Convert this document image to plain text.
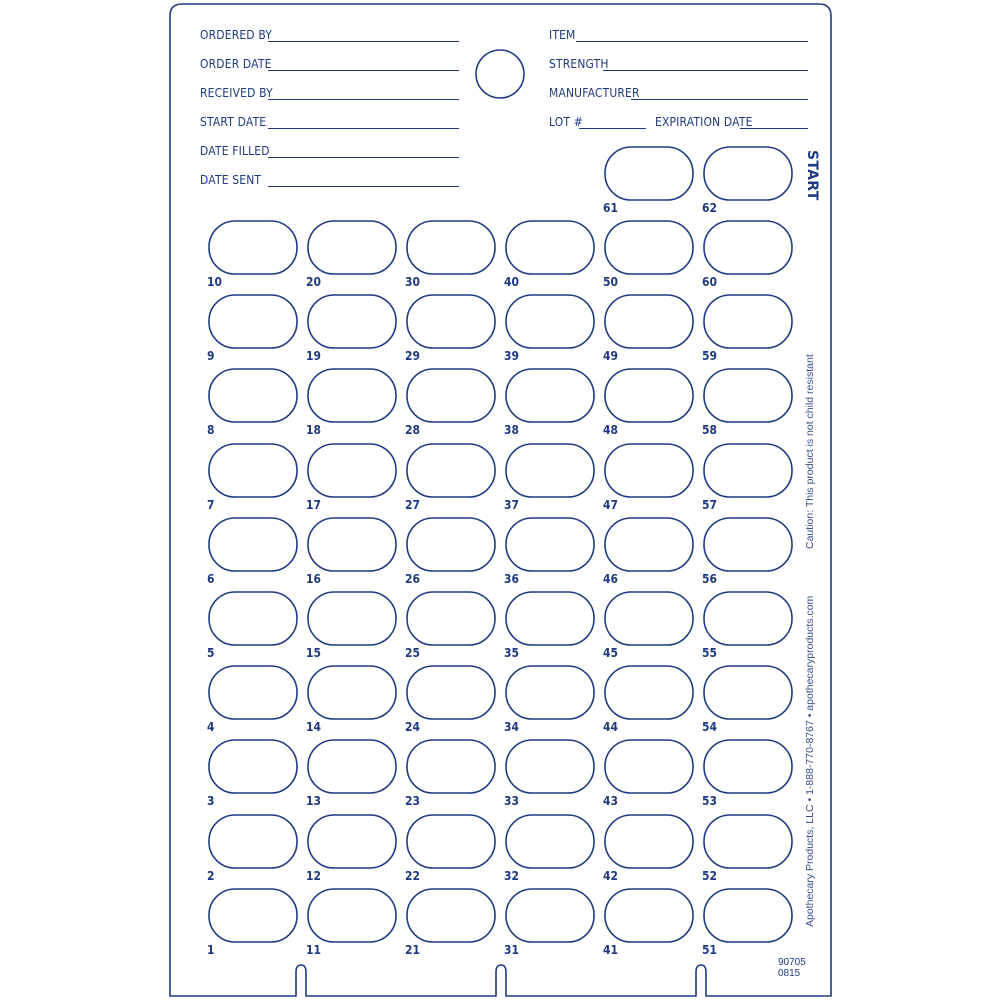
ORDERED BY
ORDER DATE
RECEIVED BY
START DATE
DATE FILLED
DATE SENT
ITEM
STRENGTH
MANUFACTURER
LOT #	EXPIRATION DATE
START
Caution: This product is not child resistant
Apothecary Products, LLC • 1-888-770-8767 • apothecaryproducts.com
90705
0815
10
9
8
7
6
5
4
3
2
1
20
19
18
17
16
15
14
13
12
11
30
29
28
27
26
25
24
23
22
21
40
39
38
37
36
35
34
33
32
31
50
49
48
47
46
45
44
43
42
41
60
59
58
57
56
55
54
53
52
51
61	62
